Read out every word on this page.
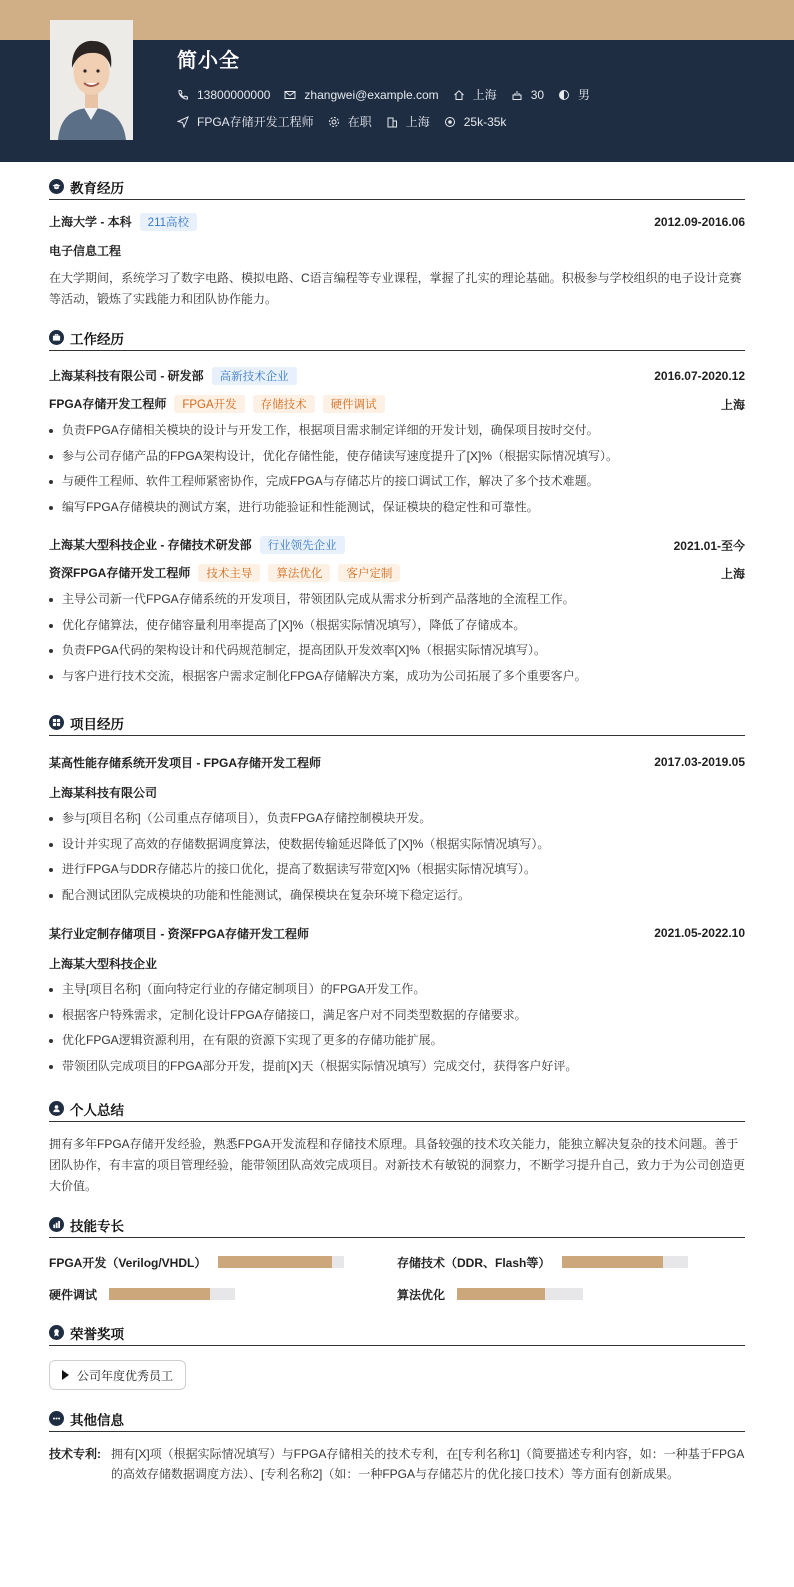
简小全
13800000000	zhangwei@example.com	上海	30	男
FPGA存储开发工程师	在职	上海	25k-35k
教育经历
上海大学 - 本科 211高校	2012.09-2016.06
电子信息工程
在大学期间，系统学习了数字电路、模拟电路、C语言编程等专业课程，掌握了扎实的理论基础。积极参与学校组织的电子设计竞赛等活动，锻炼了实践能力和团队协作能力。
工作经历
上海某科技有限公司 - 研发部 高新技术企业	2016.07-2020.12
FPGA存储开发工程师 FPGA开发 存储技术 硬件调试	上海
负责FPGA存储相关模块的设计与开发工作，根据项目需求制定详细的开发计划，确保项目按时交付。
参与公司存储产品的FPGA架构设计，优化存储性能，使存储读写速度提升了[X]%（根据实际情况填写）。
与硬件工程师、软件工程师紧密协作，完成FPGA与存储芯片的接口调试工作，解决了多个技术难题。
编写FPGA存储模块的测试方案，进行功能验证和性能测试，保证模块的稳定性和可靠性。
上海某大型科技企业 - 存储技术研发部 行业领先企业	2021.01-至今
资深FPGA存储开发工程师 技术主导 算法优化 客户定制	上海
主导公司新一代FPGA存储系统的开发项目，带领团队完成从需求分析到产品落地的全流程工作。
优化存储算法，使存储容量利用率提高了[X]%（根据实际情况填写），降低了存储成本。
负责FPGA代码的架构设计和代码规范制定，提高团队开发效率[X]%（根据实际情况填写）。
与客户进行技术交流，根据客户需求定制化FPGA存储解决方案，成功为公司拓展了多个重要客户。
项目经历
某高性能存储系统开发项目 - FPGA存储开发工程师	2017.03-2019.05
上海某科技有限公司
参与[项目名称]（公司重点存储项目），负责FPGA存储控制模块开发。
设计并实现了高效的存储数据调度算法，使数据传输延迟降低了[X]%（根据实际情况填写）。
进行FPGA与DDR存储芯片的接口优化，提高了数据读写带宽[X]%（根据实际情况填写）。
配合测试团队完成模块的功能和性能测试，确保模块在复杂环境下稳定运行。
某行业定制存储项目 - 资深FPGA存储开发工程师	2021.05-2022.10
上海某大型科技企业
主导[项目名称]（面向特定行业的存储定制项目）的FPGA开发工作。
根据客户特殊需求，定制化设计FPGA存储接口，满足客户对不同类型数据的存储要求。
优化FPGA逻辑资源利用，在有限的资源下实现了更多的存储功能扩展。
带领团队完成项目的FPGA部分开发，提前[X]天（根据实际情况填写）完成交付，获得客户好评。
个人总结
拥有多年FPGA存储开发经验，熟悉FPGA开发流程和存储技术原理。具备较强的技术攻关能力，能独立解决复杂的技术问题。善于团队协作，有丰富的项目管理经验，能带领团队高效完成项目。对新技术有敏锐的洞察力，不断学习提升自己，致力于为公司创造更大价值。
技能专长
FPGA开发（Verilog/VHDL）	存储技术（DDR、Flash等）
硬件调试	算法优化
荣誉奖项
公司年度优秀员工
其他信息
技术专利: 拥有[X]项（根据实际情况填写）与FPGA存储相关的技术专利，在[专利名称1]（简要描述专利内容，如：一种基于FPGA的高效存储数据调度方法）、[专利名称2]（如：一种FPGA与存储芯片的优化接口技术）等方面有创新成果。
